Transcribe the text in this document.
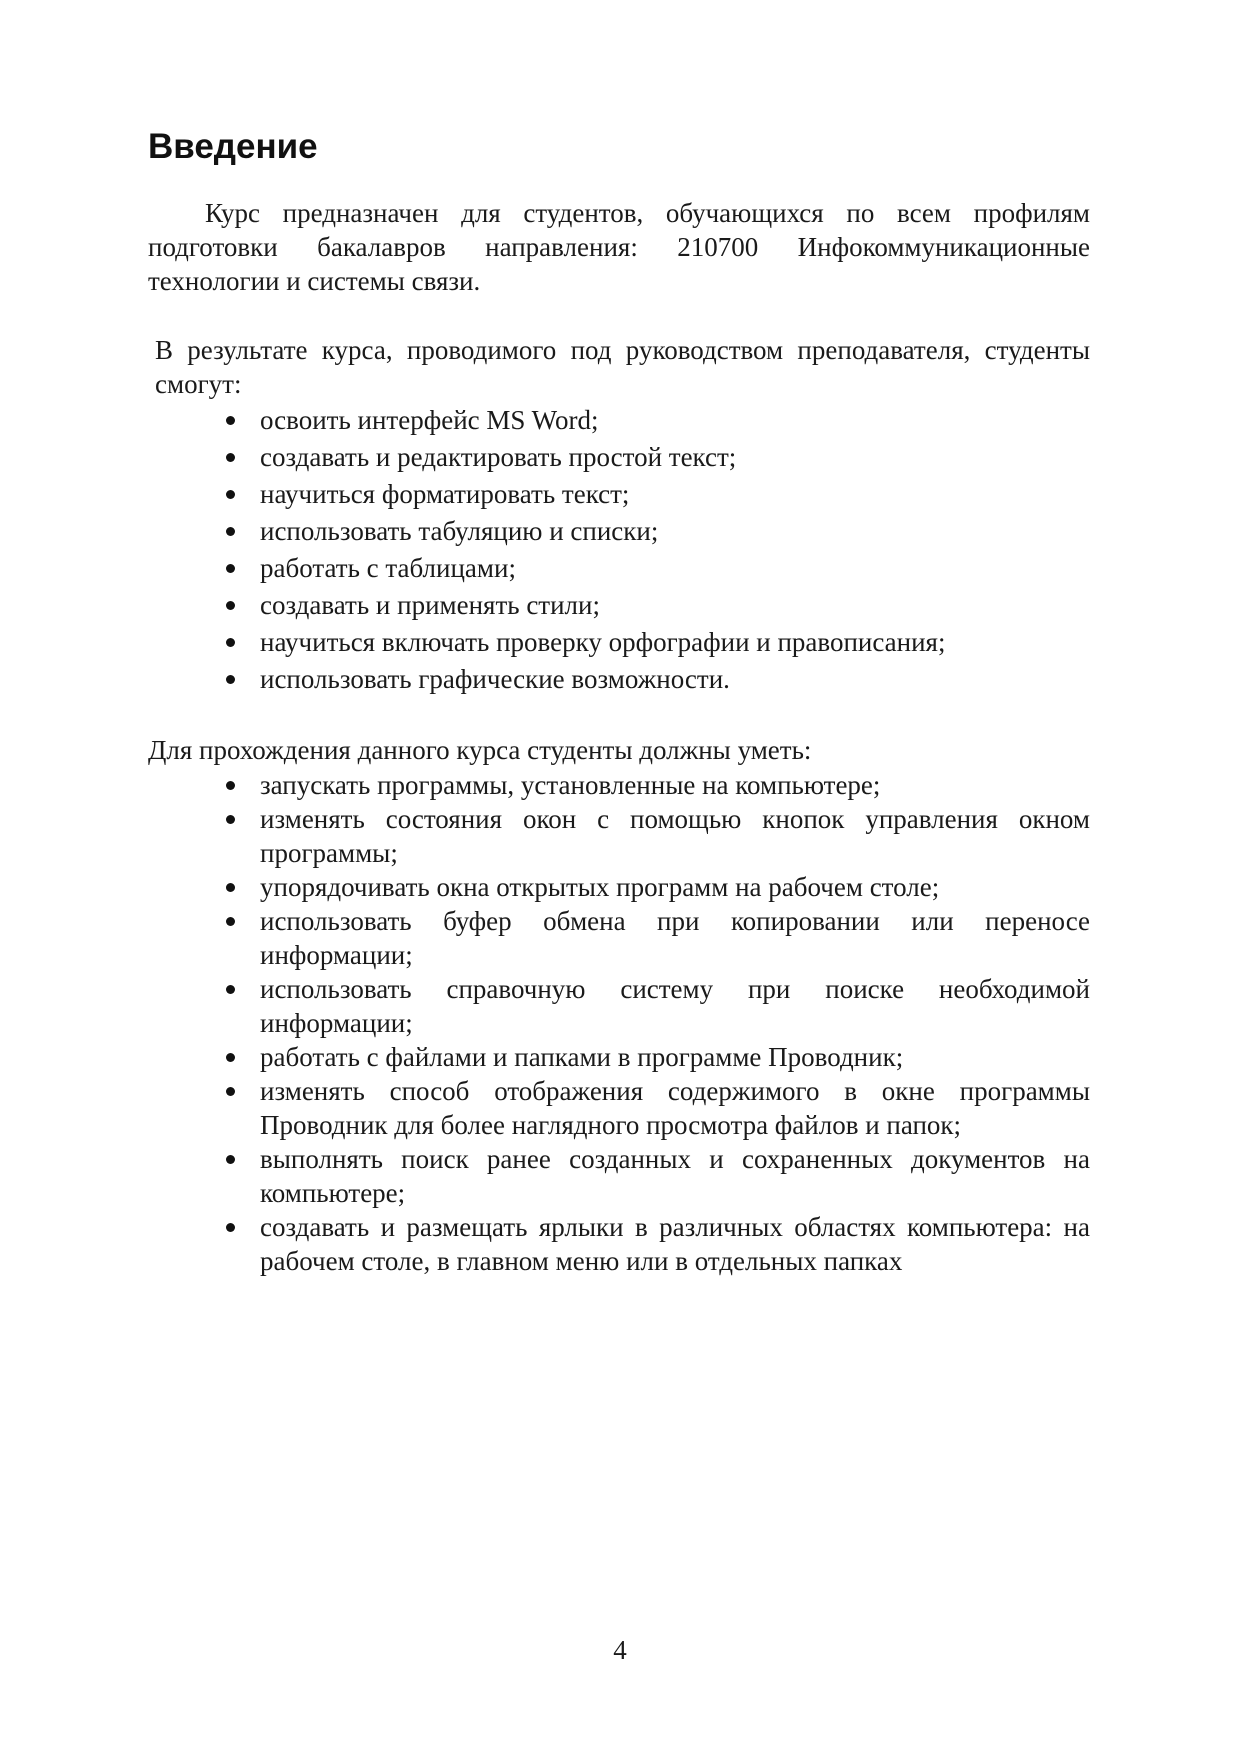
Введение

Курс предназначен для студентов, обучающихся по всем профилям подготовки бакалавров направления: 210700 Инфокоммуникационные технологии и системы связи.

В результате курса, проводимого под руководством преподавателя, студенты смогут:

освоить интерфейс MS Word;
создавать и редактировать простой текст;
научиться форматировать текст;
использовать табуляцию и списки;
работать с таблицами;
создавать и применять стили;
научиться включать проверку орфографии и правописания;
использовать графические возможности.

Для прохождения данного курса студенты должны уметь:

запускать программы, установленные на компьютере;
изменять состояния окон с помощью кнопок управления окном программы;
упорядочивать окна открытых программ на рабочем столе;
использовать буфер обмена при копировании или переносе информации;
использовать справочную систему при поиске необходимой информации;
работать с файлами и папками в программе Проводник;
изменять способ отображения содержимого в окне программы Проводник для более наглядного просмотра файлов и папок;
выполнять поиск ранее созданных и сохраненных документов на компьютере;
создавать и размещать ярлыки в различных областях компьютера: на рабочем столе, в главном меню или в отдельных папках
4
